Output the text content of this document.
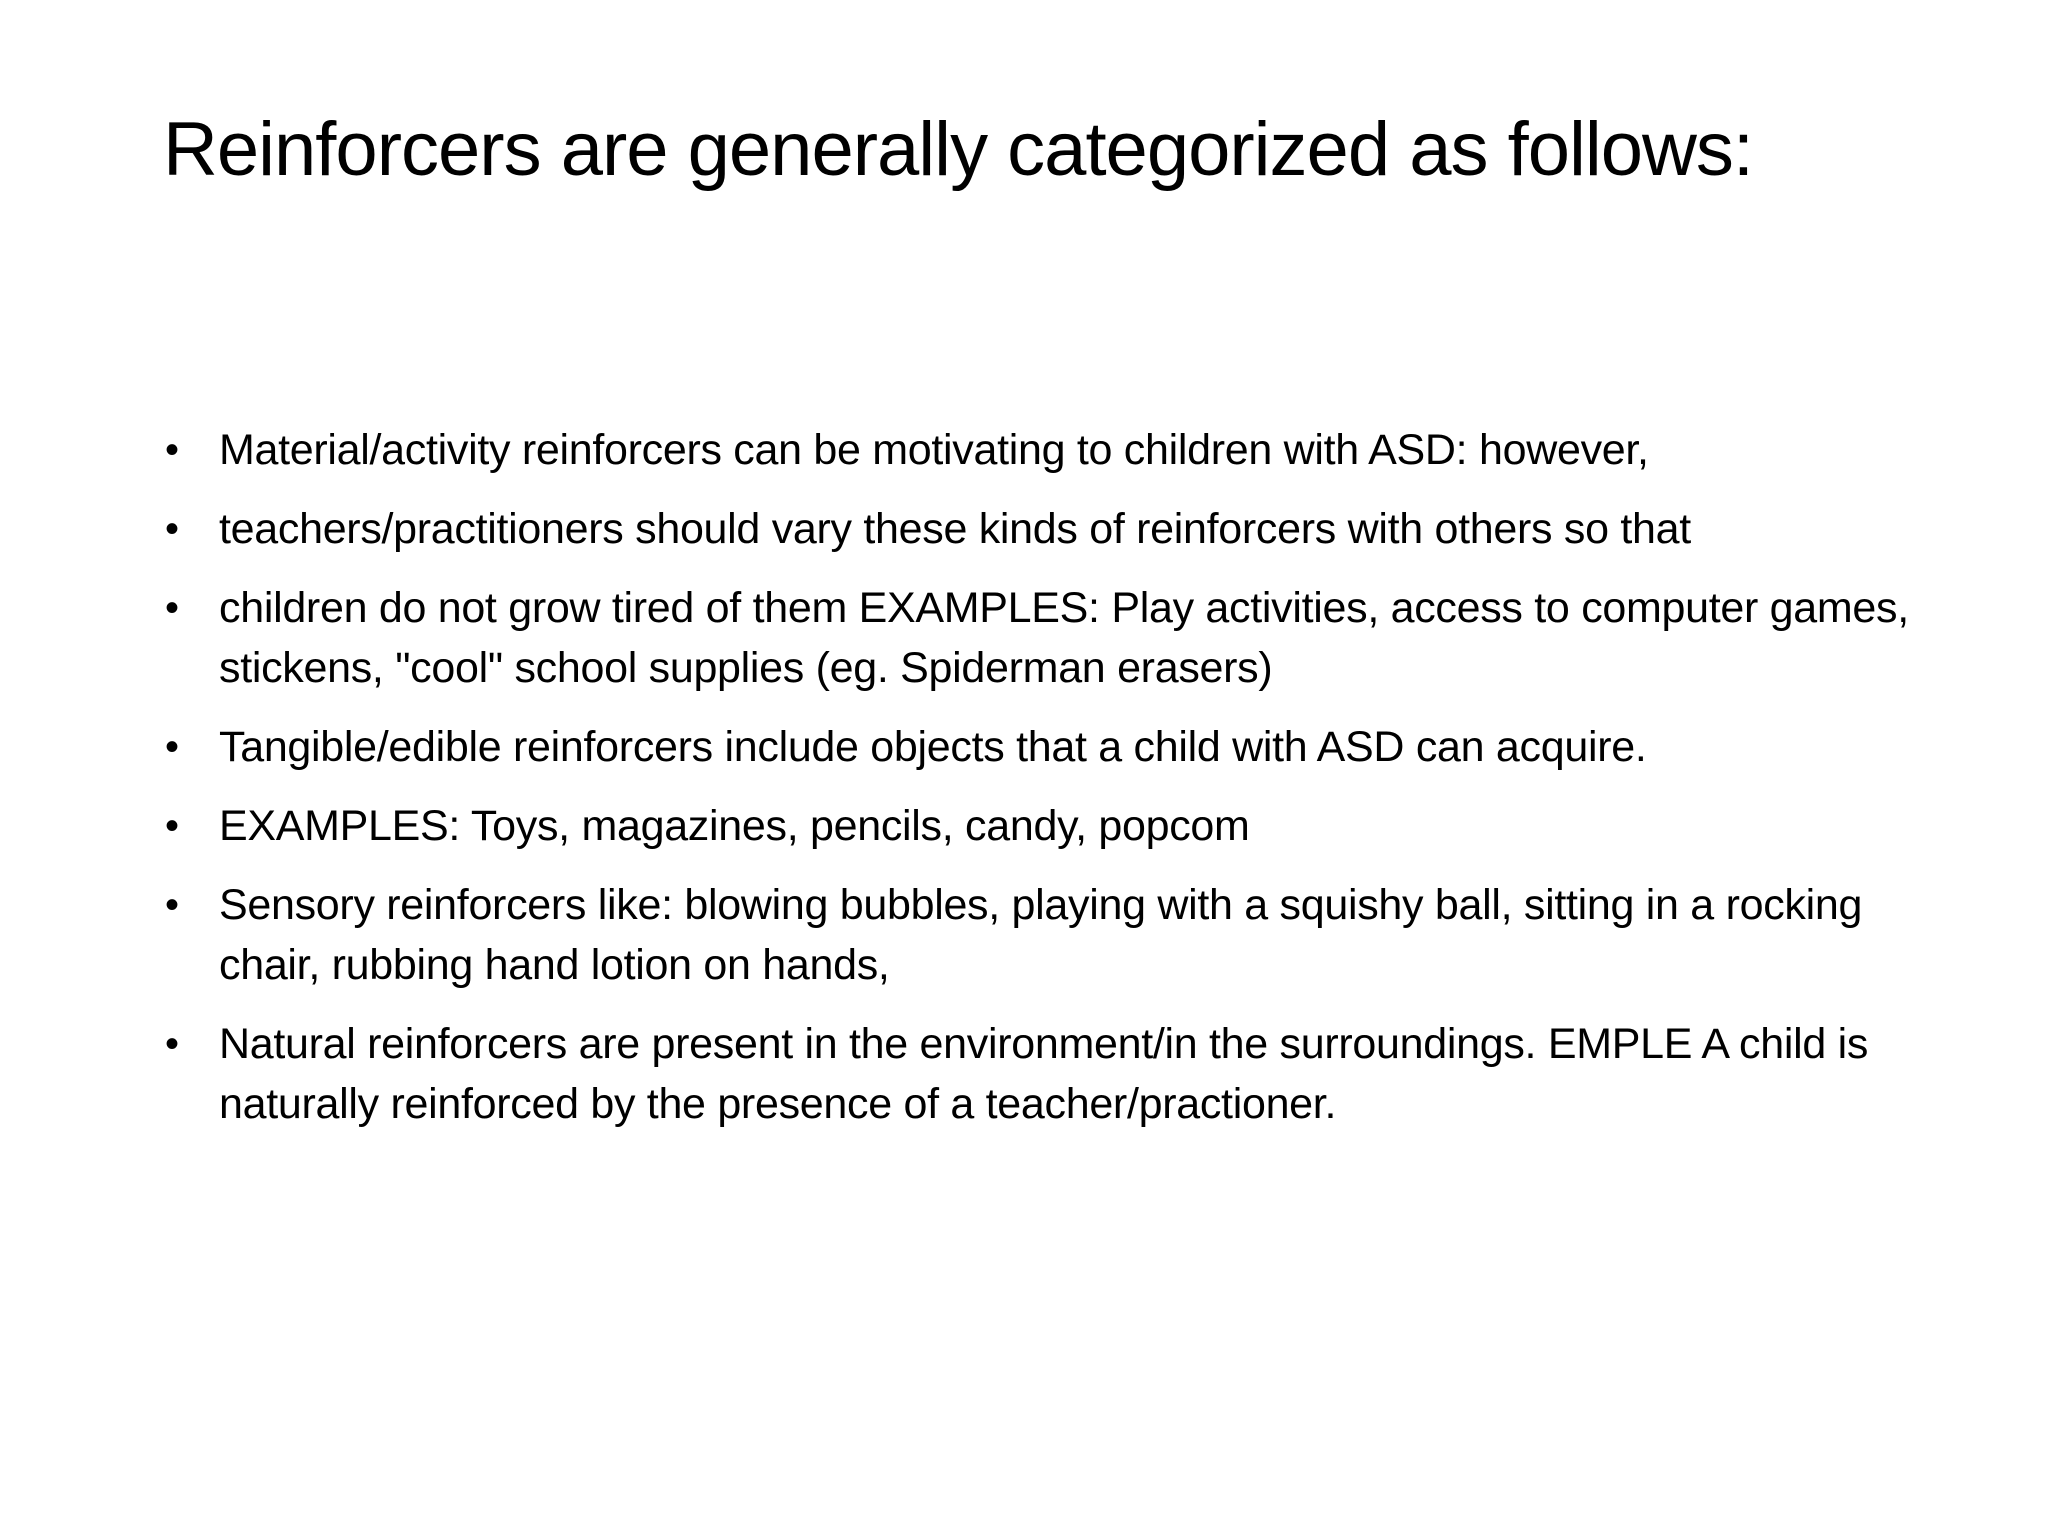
Reinforcers are generally categorized as follows:
• Material/activity reinforcers can be motivating to children with ASD: however,
• teachers/practitioners should vary these kinds of reinforcers with others so that
• children do not grow tired of them EXAMPLES: Play activities, access to computer games, stickens, "cool" school supplies (eg. Spiderman erasers)
• Tangible/edible reinforcers include objects that a child with ASD can acquire.
• EXAMPLES: Toys, magazines, pencils, candy, popcom
• Sensory reinforcers like: blowing bubbles, playing with a squishy ball, sitting in a rocking chair, rubbing hand lotion on hands,
• Natural reinforcers are present in the environment/in the surroundings. EMPLE A child is naturally reinforced by the presence of a teacher/practioner.
